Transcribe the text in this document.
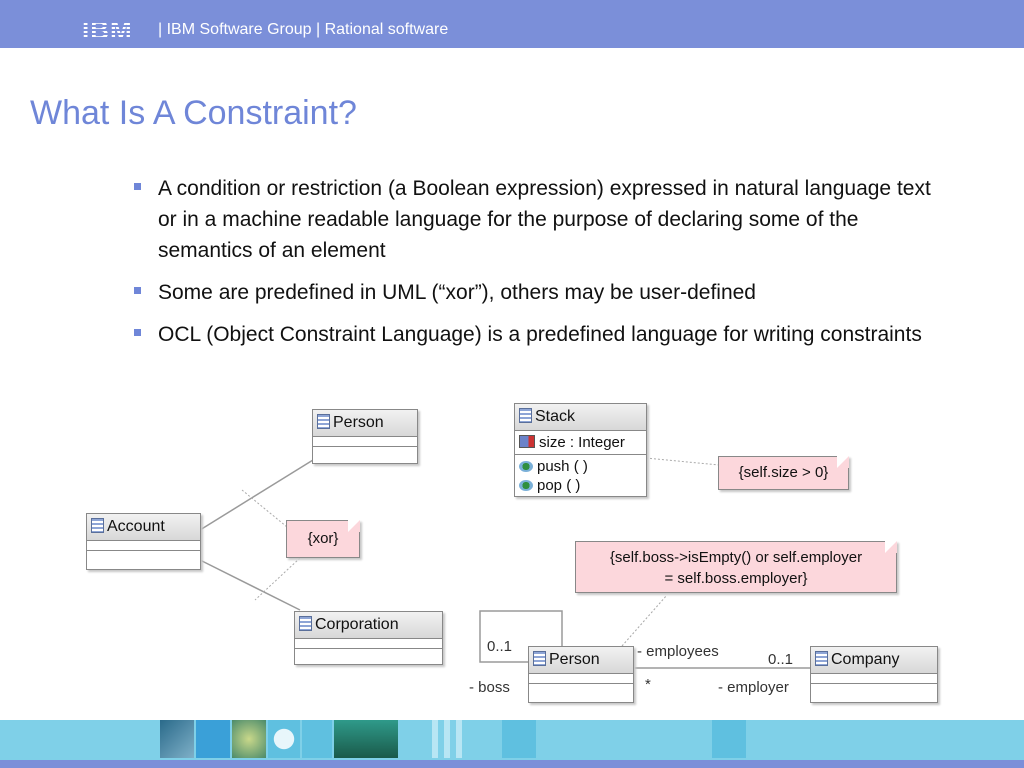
IBM | IBM Software Group | Rational software
What Is A Constraint?
A condition or restriction (a Boolean expression) expressed in natural language text or in a machine readable language for the purpose of declaring some of the semantics of an element
Some are predefined in UML (“xor”), others may be user-defined
OCL (Object Constraint Language) is a predefined language for writing constraints
Person
Account
Corporation
{xor}
Stack
size : Integer
push ( )
pop ( )
{self.size > 0}
{self.boss->isEmpty() or self.employer
= self.boss.employer}
Person	Company
0..1
- boss
- employees
*
0..1
- employer
